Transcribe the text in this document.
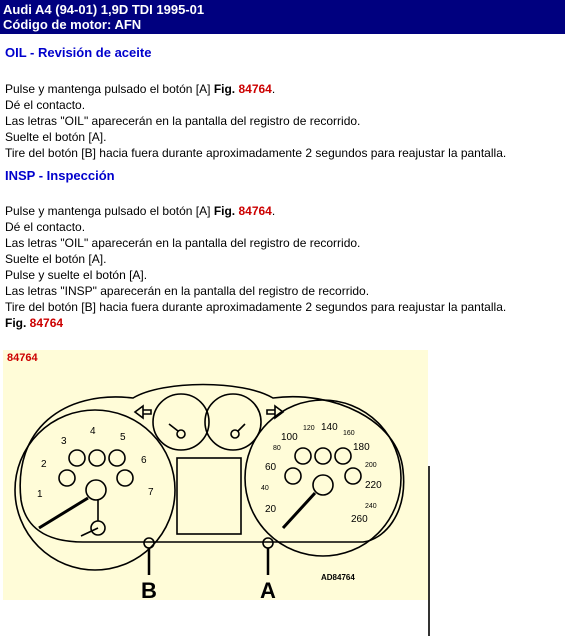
Audi A4 (94-01) 1,9D TDI 1995-01
Código de motor: AFN
OIL - Revisión de aceite
Pulse y mantenga pulsado el botón [A] Fig. 84764.
Dé el contacto.
Las letras "OIL" aparecerán en la pantalla del registro de recorrido.
Suelte el botón [A].
Tire del botón [B] hacia fuera durante aproximadamente 2 segundos para reajustar la pantalla.
INSP - Inspección
Pulse y mantenga pulsado el botón [A] Fig. 84764.
Dé el contacto.
Las letras "OIL" aparecerán en la pantalla del registro de recorrido.
Suelte el botón [A].
Pulse y suelte el botón [A].
Las letras "INSP" aparecerán en la pantalla del registro de recorrido.
Tire del botón [B] hacia fuera durante aproximadamente 2 segundos para reajustar la pantalla.
Fig. 84764
84764
1
2
3
4
5
6
7
20
40
60
80
100
120 140
160
180
200
220
240
260
B	A
AD84764
